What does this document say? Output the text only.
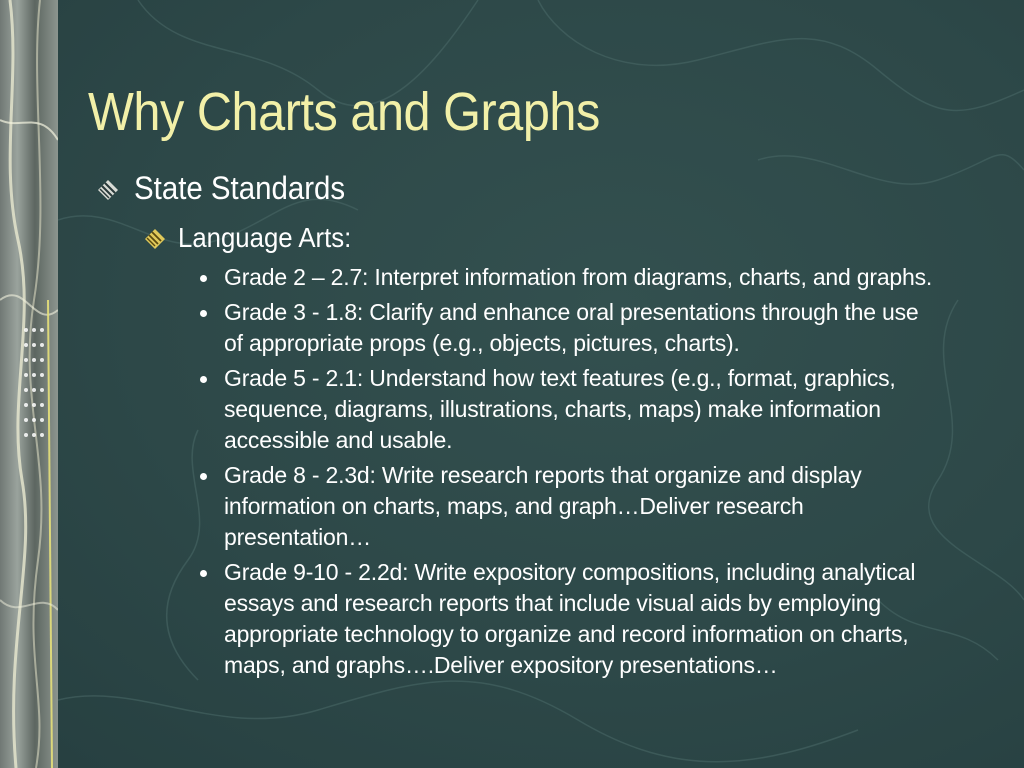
Why Charts and Graphs
State Standards
Language Arts:
Grade 2 – 2.7: Interpret information from diagrams, charts, and graphs.
Grade 3 - 1.8: Clarify and enhance oral presentations through the use of appropriate props (e.g., objects, pictures, charts).
Grade 5 - 2.1: Understand how text features (e.g., format, graphics, sequence, diagrams, illustrations, charts, maps) make information accessible and usable.
Grade 8 - 2.3d: Write research reports that organize and display information on charts, maps, and graph…Deliver research presentation…
Grade 9-10 - 2.2d: Write expository compositions, including analytical essays and research reports that include visual aids by employing appropriate technology to organize and record information on charts, maps, and graphs….Deliver expository presentations…
